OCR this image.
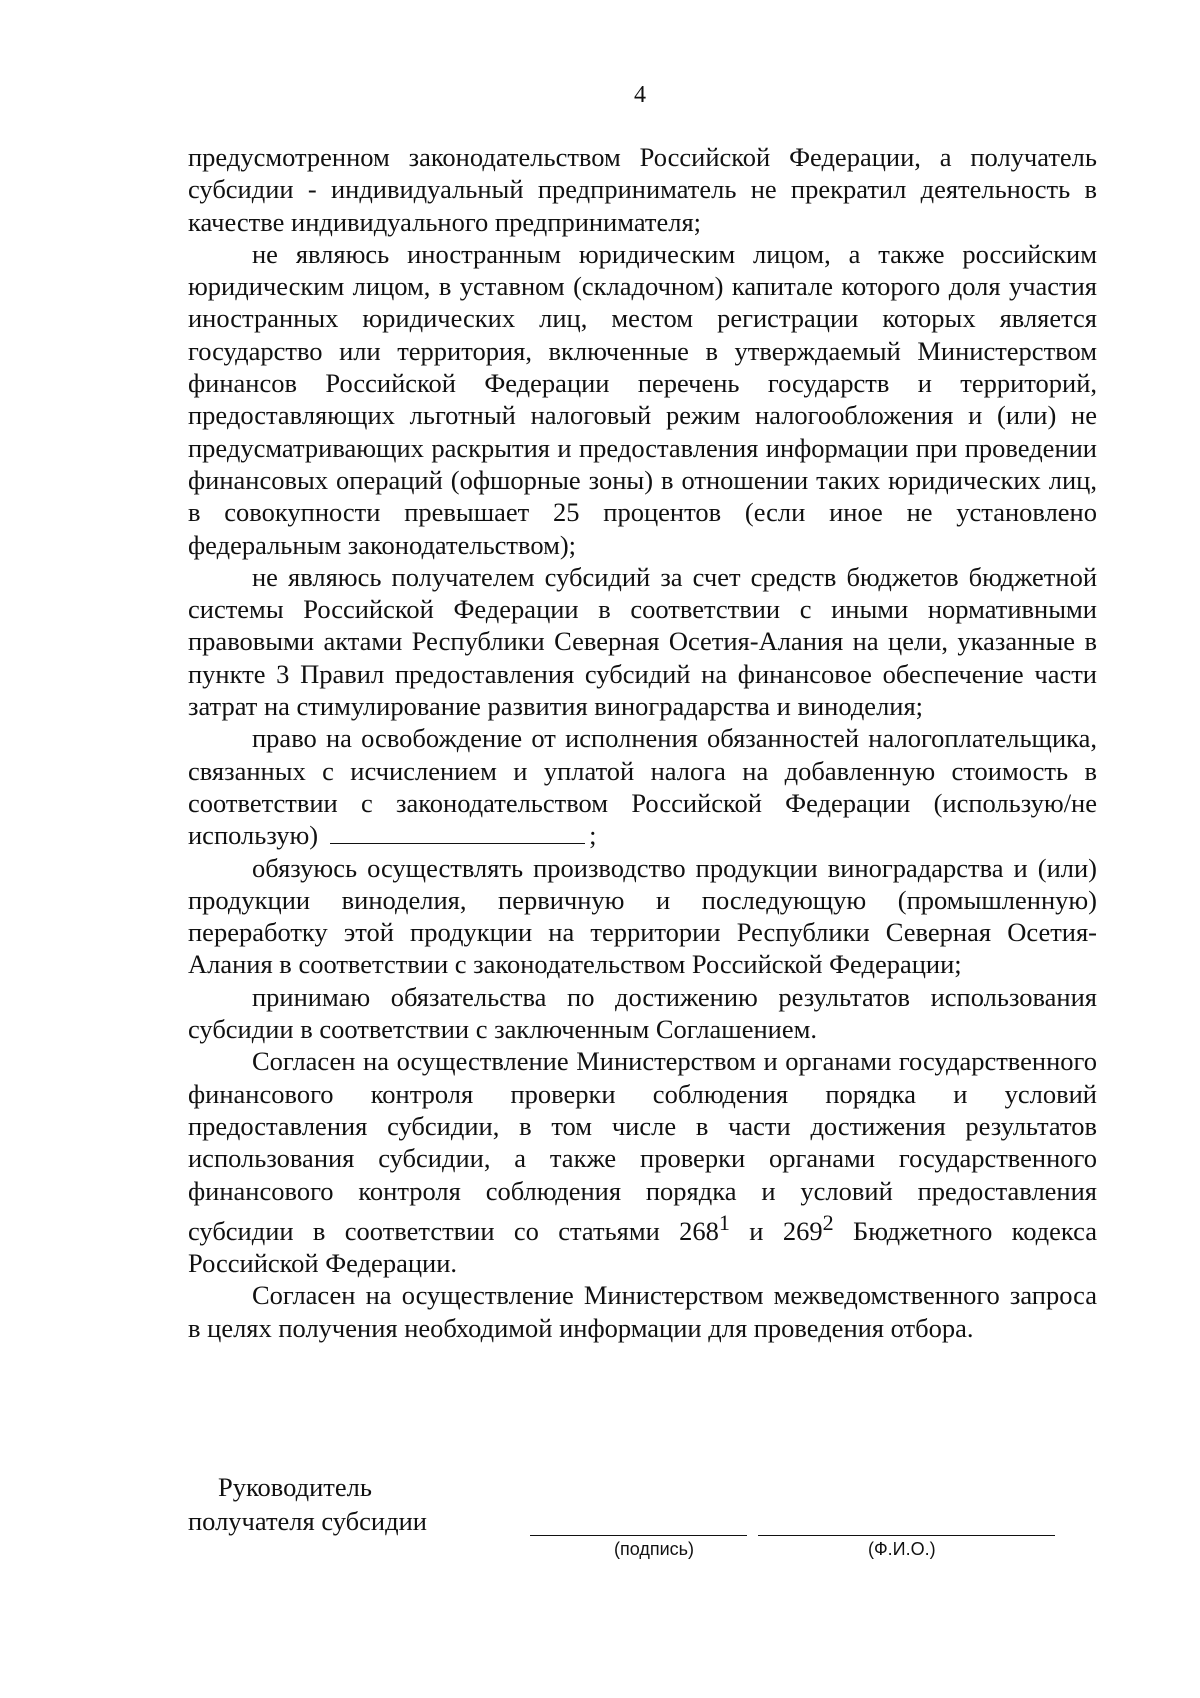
4

предусмотренном законодательством Российской Федерации, а получатель субсидии - индивидуальный предприниматель не прекратил деятельность в качестве индивидуального предпринимателя;

не являюсь иностранным юридическим лицом, а также российским юридическим лицом, в уставном (складочном) капитале которого доля участия иностранных юридических лиц, местом регистрации которых является государство или территория, включенные в утверждаемый Министерством финансов Российской Федерации перечень государств и территорий, предоставляющих льготный налоговый режим налогообложения и (или) не предусматривающих раскрытия и предоставления информации при проведении финансовых операций (офшорные зоны) в отношении таких юридических лиц, в совокупности превышает 25 процентов (если иное не установлено федеральным законодательством);

не являюсь получателем субсидий за счет средств бюджетов бюджетной системы Российской Федерации в соответствии с иными нормативными правовыми актами Республики Северная Осетия-Алания на цели, указанные в пункте 3 Правил предоставления субсидий на финансовое обеспечение части затрат на стимулирование развития виноградарства и виноделия;

право на освобождение от исполнения обязанностей налогоплательщика, связанных с исчислением и уплатой налога на добавленную стоимость в соответствии с законодательством Российской Федерации (использую/не использую)	;

обязуюсь осуществлять производство продукции виноградарства и (или) продукции виноделия, первичную и последующую (промышленную) переработку этой продукции на территории Республики Северная Осетия-Алания в соответствии с законодательством Российской Федерации;

принимаю обязательства по достижению результатов использования субсидии в соответствии с заключенным Соглашением.

Согласен на осуществление Министерством и органами государственного финансового контроля проверки соблюдения порядка и условий предоставления субсидии, в том числе в части достижения результатов использования субсидии, а также проверки органами государственного финансового контроля соблюдения порядка и условий предоставления субсидии в соответствии со статьями $268^1$ и $269^2$ Бюджетного кодекса Российской Федерации.

Согласен на осуществление Министерством межведомственного запроса в целях получения необходимой информации для проведения отбора.

Руководитель
получателя субсидии
(подпись)	(Ф.И.О.)
